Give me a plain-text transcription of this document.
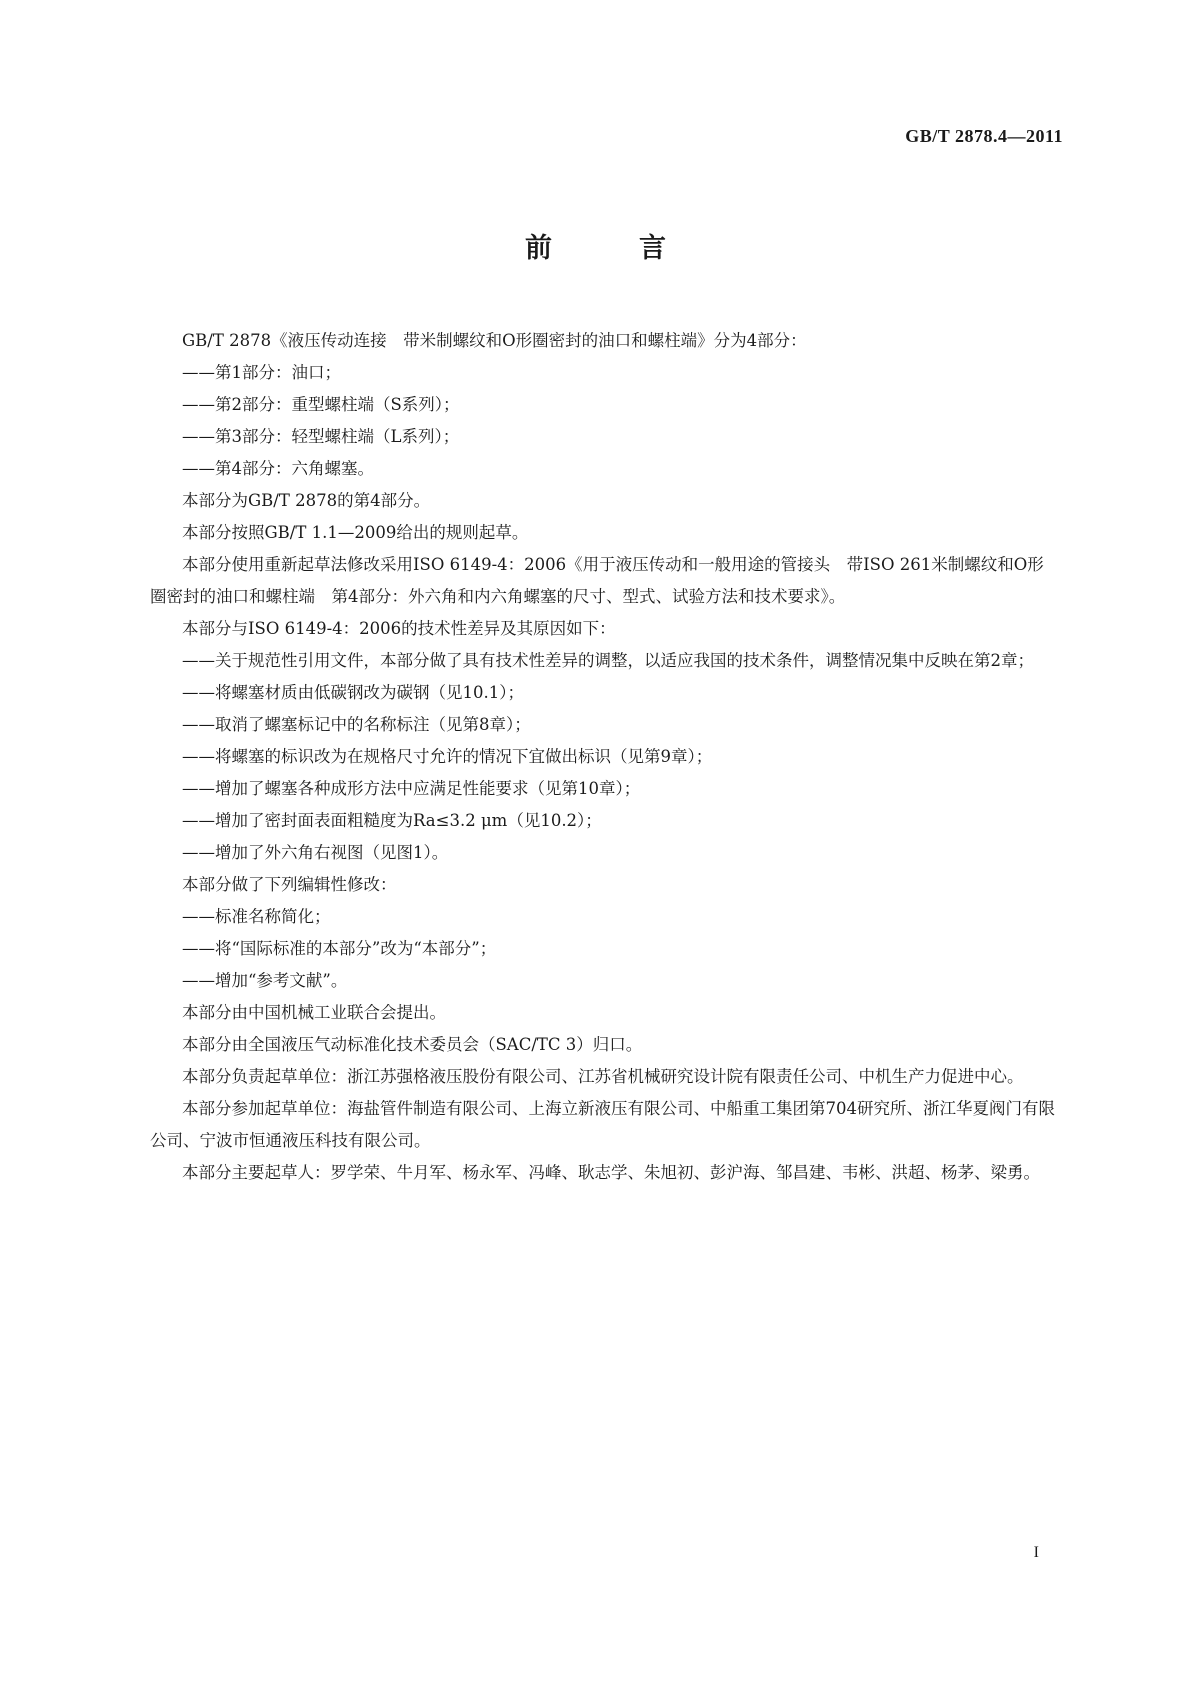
GB/T 2878.4—2011
前　言

GB/T 2878《液压传动连接　带米制螺纹和O形圈密封的油口和螺柱端》分为4部分：

——第1部分：油口；

——第2部分：重型螺柱端（S系列）；

——第3部分：轻型螺柱端（L系列）；

——第4部分：六角螺塞。

本部分为GB/T 2878的第4部分。

本部分按照GB/T 1.1—2009给出的规则起草。

本部分使用重新起草法修改采用ISO 6149-4：2006《用于液压传动和一般用途的管接头　带ISO 261米制螺纹和O形圈密封的油口和螺柱端　第4部分：外六角和内六角螺塞的尺寸、型式、试验方法和技术要求》。

本部分与ISO 6149-4：2006的技术性差异及其原因如下：

——关于规范性引用文件，本部分做了具有技术性差异的调整，以适应我国的技术条件，调整情况集中反映在第2章；

——将螺塞材质由低碳钢改为碳钢（见10.1）；

——取消了螺塞标记中的名称标注（见第8章）；

——将螺塞的标识改为在规格尺寸允许的情况下宜做出标识（见第9章）；

——增加了螺塞各种成形方法中应满足性能要求（见第10章）；

——增加了密封面表面粗糙度为Ra≤3.2 μm（见10.2）；

——增加了外六角右视图（见图1）。

本部分做了下列编辑性修改：

——标准名称简化；

——将“国际标准的本部分”改为“本部分”；

——增加“参考文献”。

本部分由中国机械工业联合会提出。

本部分由全国液压气动标准化技术委员会（SAC/TC 3）归口。

本部分负责起草单位：浙江苏强格液压股份有限公司、江苏省机械研究设计院有限责任公司、中机生产力促进中心。

本部分参加起草单位：海盐管件制造有限公司、上海立新液压有限公司、中船重工集团第704研究所、浙江华夏阀门有限公司、宁波市恒通液压科技有限公司。

本部分主要起草人：罗学荣、牛月军、杨永军、冯峰、耿志学、朱旭初、彭沪海、邹昌建、韦彬、洪超、杨茅、梁勇。

I
